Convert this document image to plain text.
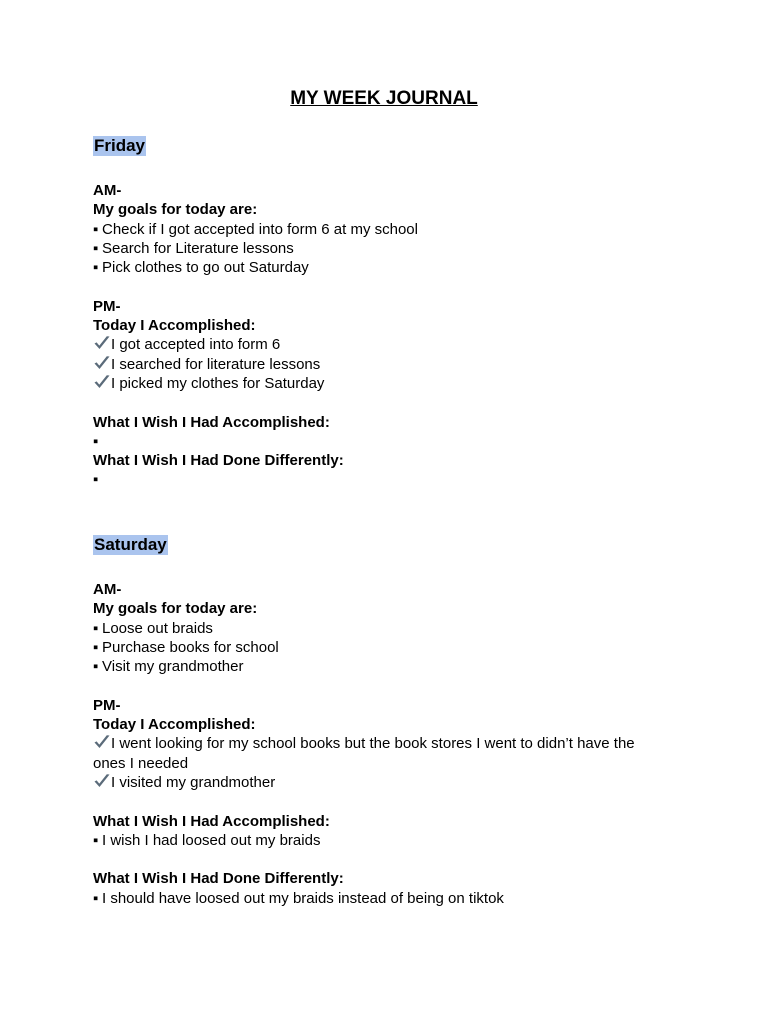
MY WEEK JOURNAL
Friday
AM-
My goals for today are:
▪ Check if I got accepted into form 6 at my school
▪ Search for Literature lessons
▪ Pick clothes to go out Saturday
PM-
Today I Accomplished:
I got accepted into form 6
I searched for literature lessons
I picked my clothes for Saturday
What I Wish I Had Accomplished:
▪
What I Wish I Had Done Differently:
▪
Saturday
AM-
My goals for today are:
▪ Loose out braids
▪ Purchase books for school
▪ Visit my grandmother
PM-
Today I Accomplished:
I went looking for my school books but the book stores I went to didn’t have the ones I needed
I visited my grandmother
What I Wish I Had Accomplished:
▪ I wish I had loosed out my braids
What I Wish I Had Done Differently:
▪ I should have loosed out my braids instead of being on tiktok
